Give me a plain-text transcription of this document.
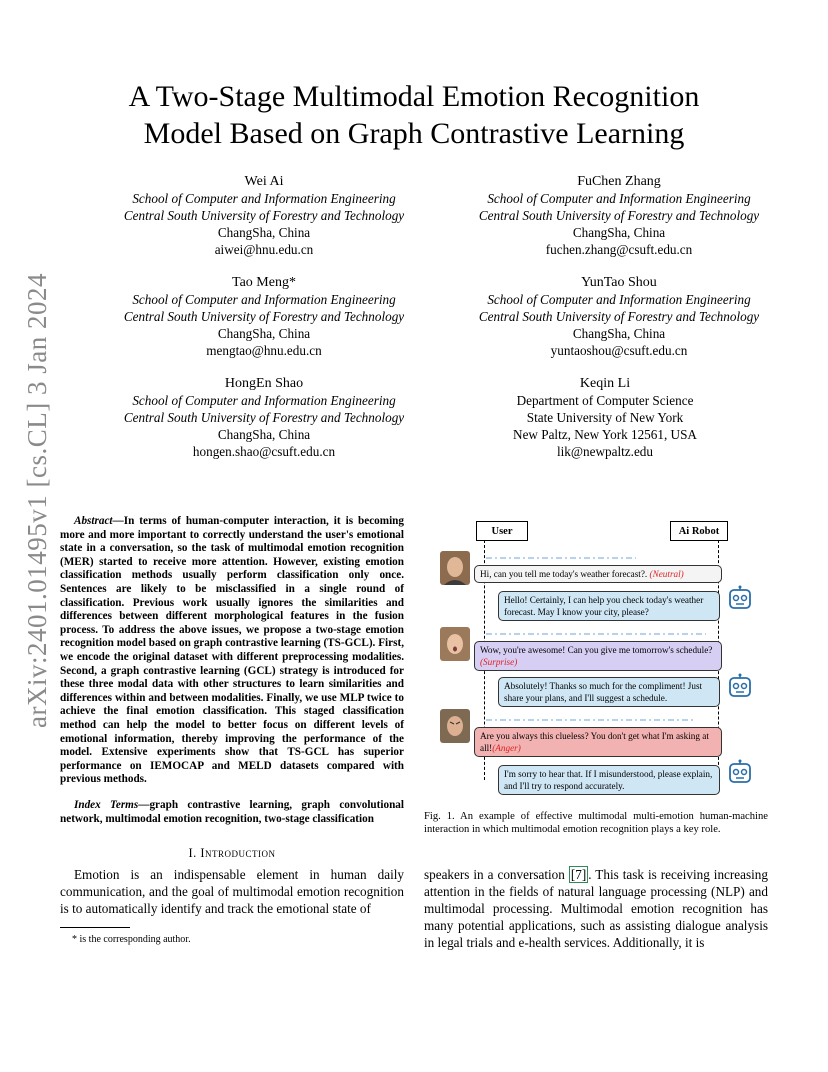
arXiv:2401.01495v1 [cs.CL] 3 Jan 2024
A Two-Stage Multimodal Emotion Recognition
Model Based on Graph Contrastive Learning
Wei Ai
School of Computer and Information Engineering
Central South University of Forestry and Technology
ChangSha, China
aiwei@hnu.edu.cn
FuChen Zhang
School of Computer and Information Engineering
Central South University of Forestry and Technology
ChangSha, China
fuchen.zhang@csuft.edu.cn
Tao Meng*
School of Computer and Information Engineering
Central South University of Forestry and Technology
ChangSha, China
mengtao@hnu.edu.cn
YunTao Shou
School of Computer and Information Engineering
Central South University of Forestry and Technology
ChangSha, China
yuntaoshou@csuft.edu.cn
HongEn Shao
School of Computer and Information Engineering
Central South University of Forestry and Technology
ChangSha, China
hongen.shao@csuft.edu.cn
Keqin Li
Department of Computer Science
State University of New York
New Paltz, New York 12561, USA
lik@newpaltz.edu
Abstract—In terms of human-computer interaction, it is becoming more and more important to correctly understand the user's emotional state in a conversation, so the task of multimodal emotion recognition (MER) started to receive more attention. However, existing emotion classification methods usually perform classification only once. Sentences are likely to be misclassified in a single round of classification. Previous work usually ignores the similarities and differences between different morphological features in the fusion process. To address the above issues, we propose a two-stage emotion recognition model based on graph contrastive learning (TS-GCL). First, we encode the original dataset with different preprocessing modalities. Second, a graph contrastive learning (GCL) strategy is introduced for these three modal data with other structures to learn similarities and differences within and between modalities. Finally, we use MLP twice to achieve the final emotion classification. This staged classification method can help the model to better focus on different levels of emotional information, thereby improving the performance of the model. Extensive experiments show that TS-GCL has superior performance on IEMOCAP and MELD datasets compared with previous methods.
Index Terms—graph contrastive learning, graph convolutional network, multimodal emotion recognition, two-stage classification
I. Introduction
Emotion is an indispensable element in human daily communication, and the goal of multimodal emotion recognition is to automatically identify and track the emotional state of
* is the corresponding author.
User	Ai Robot
Hi, can you tell me today's weather forecast?. (Neutral)
Hello! Certainly, I can help you check today's weather forecast. May I know your city, please?
Wow, you're awesome! Can you give me tomorrow's schedule?(Surprise)
Absolutely! Thanks so much for the compliment! Just share your plans, and I'll suggest a schedule.
Are you always this clueless? You don't get what I'm asking at all!(Anger)
I'm sorry to hear that. If I misunderstood, please explain, and I'll try to respond accurately.
Fig. 1. An example of effective multimodal multi-emotion human-machine interaction in which multimodal emotion recognition plays a key role.
speakers in a conversation [7] . This task is receiving increasing attention in the fields of natural language processing (NLP) and multimodal processing. Multimodal emotion recognition has many potential applications, such as assisting dialogue analysis in legal trials and e-health services. Additionally, it is
